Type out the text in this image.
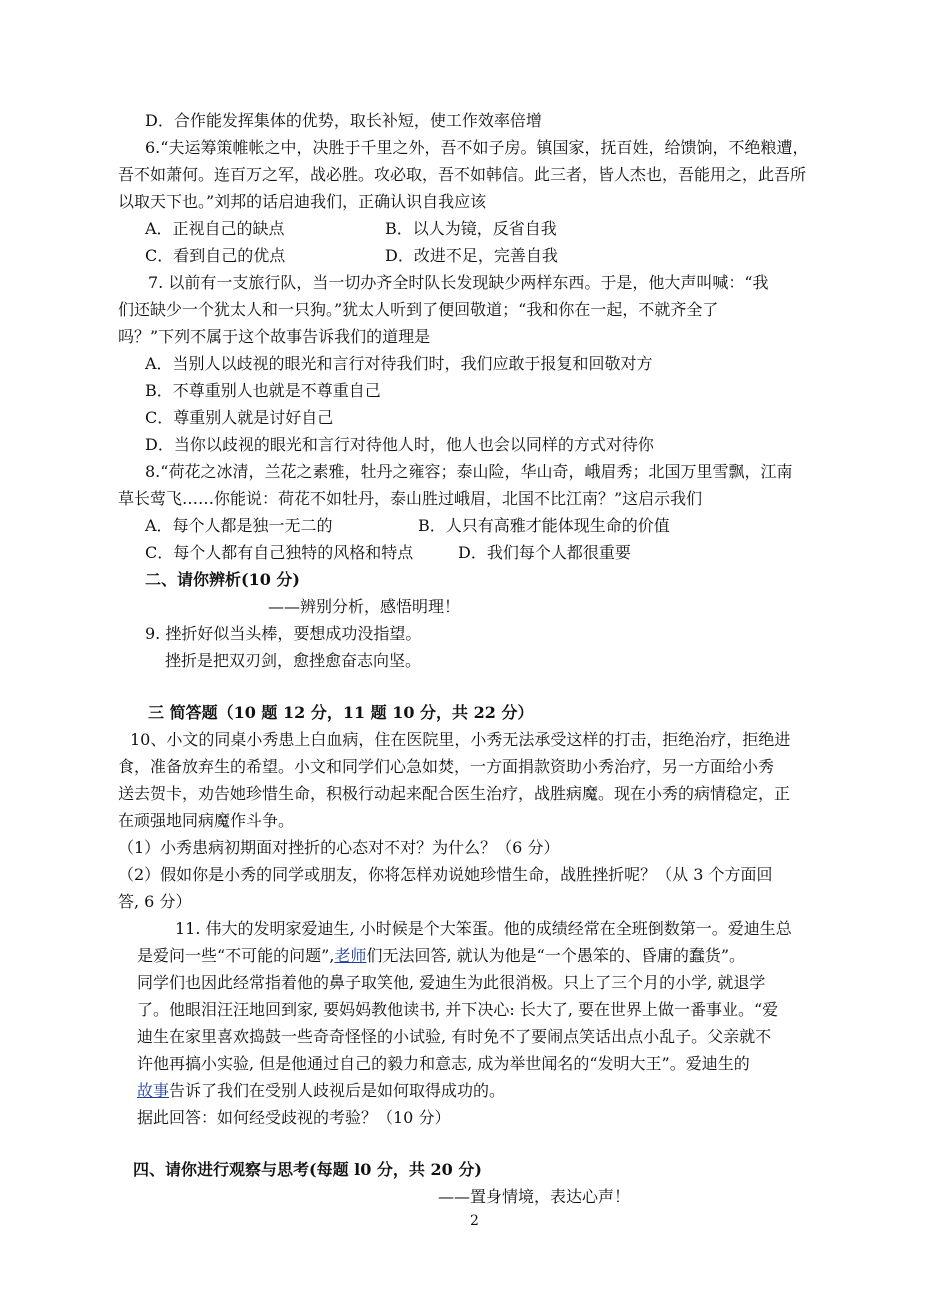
D．合作能发挥集体的优势，取长补短，使工作效率倍增
6.“夫运筹策帷帐之中，决胜于千里之外，吾不如子房。镇国家，抚百姓，给馈饷，不绝粮遭，
吾不如萧何。连百万之军，战必胜。攻必取，吾不如韩信。此三者，皆人杰也，吾能用之，此吾所
以取天下也。”刘邦的话启迪我们，正确认识自我应该
A．正视自己的缺点	B．以人为镜，反省自我
C．看到自己的优点	D．改进不足，完善自我
7. 以前有一支旅行队，当一切办齐全时队长发现缺少两样东西。于是，他大声叫喊：“我
们还缺少一个犹太人和一只狗。”犹太人听到了便回敬道；“我和你在一起，不就齐全了
吗？”下列不属于这个故事告诉我们的道理是
A．当别人以歧视的眼光和言行对待我们时，我们应敢于报复和回敬对方
B．不尊重别人也就是不尊重自己
C．尊重别人就是讨好自己
D．当你以歧视的眼光和言行对待他人时，他人也会以同样的方式对待你
8.“荷花之冰清，兰花之素雅，牡丹之雍容；泰山险，华山奇，峨眉秀；北国万里雪飘，江南
草长莺飞……你能说：荷花不如牡丹，泰山胜过峨眉，北国不比江南？”这启示我们
A．每个人都是独一无二的	B．人只有高雅才能体现生命的价值
C．每个人都有自己独特的风格和特点	D．我们每个人都很重要
二、请你辨析(10 分)
——辨别分析，感悟明理！
9. 挫折好似当头棒，要想成功没指望。
挫折是把双刃剑，愈挫愈奋志向坚。
三 简答题（10 题 12 分，11 题 10 分，共 22 分）
10、小文的同桌小秀患上白血病，住在医院里，小秀无法承受这样的打击，拒绝治疗，拒绝进
食，准备放弃生的希望。小文和同学们心急如焚，一方面捐款资助小秀治疗，另一方面给小秀
送去贺卡，劝告她珍惜生命，积极行动起来配合医生治疗，战胜病魔。现在小秀的病情稳定，正
在顽强地同病魔作斗争。
（1）小秀患病初期面对挫折的心态对不对？为什么？（6 分）
（2）假如你是小秀的同学或朋友，你将怎样劝说她珍惜生命，战胜挫折呢？（从 3 个方面回
答, 6 分）
11. 伟大的发明家爱迪生, 小时候是个大笨蛋。他的成绩经常在全班倒数第一。爱迪生总
是爱问一些“不可能的问题”,老师们无法回答, 就认为他是“一个愚笨的、昏庸的蠢货”。
同学们也因此经常指着他的鼻子取笑他, 爱迪生为此很消极。只上了三个月的小学, 就退学
了。他眼泪汪汪地回到家, 要妈妈教他读书, 并下决心: 长大了, 要在世界上做一番事业。“爱
迪生在家里喜欢捣鼓一些奇奇怪怪的小试验, 有时免不了要闹点笑话出点小乱子。父亲就不
许他再搞小实验, 但是他通过自己的毅力和意志, 成为举世闻名的“发明大王”。爱迪生的
故事告诉了我们在受别人歧视后是如何取得成功的。
据此回答：如何经受歧视的考验？（10 分）
四、请你进行观察与思考(每题 l0 分，共 20 分)
——置身情境，表达心声！
2
